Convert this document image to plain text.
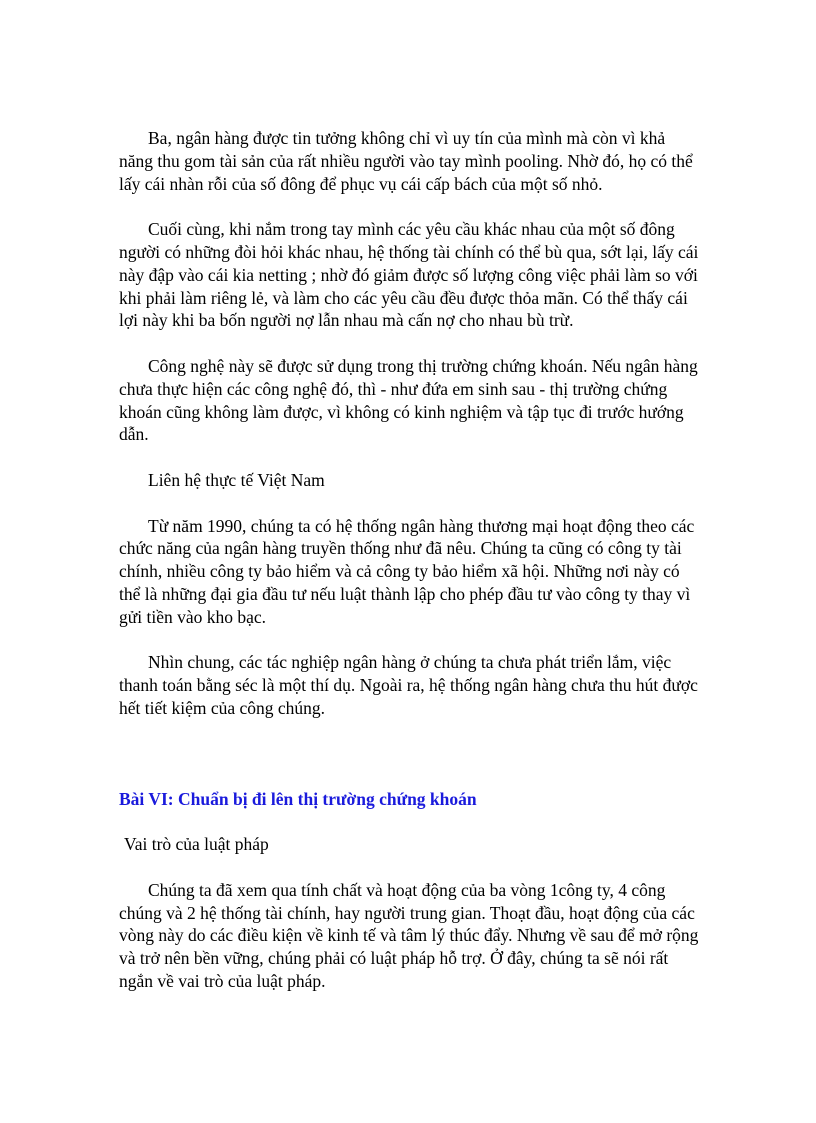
Ba, ngân hàng được tin tưởng không chỉ vì uy tín của mình mà còn vì khả năng thu gom tài sản của rất nhiều người vào tay mình pooling. Nhờ đó, họ có thể lấy cái nhàn rỗi của số đông để phục vụ cái cấp bách của một số nhỏ.

Cuối cùng, khi nắm trong tay mình các yêu cầu khác nhau của một số đông người có những đòi hỏi khác nhau, hệ thống tài chính có thể bù qua, sớt lại, lấy cái này đập vào cái kia netting ; nhờ đó giảm được số lượng công việc phải làm so với khi phải làm riêng lẻ, và làm cho các yêu cầu đều được thỏa mãn. Có thể thấy cái lợi này khi ba bốn người nợ lẫn nhau mà cấn nợ cho nhau bù trừ.

Công nghệ này sẽ được sử dụng trong thị trường chứng khoán. Nếu ngân hàng chưa thực hiện các công nghệ đó, thì - như đứa em sinh sau - thị trường chứng khoán cũng không làm được, vì không có kinh nghiệm và tập tục đi trước hướng dẫn.

Liên hệ thực tế Việt Nam

Từ năm 1990, chúng ta có hệ thống ngân hàng thương mại hoạt động theo các chức năng của ngân hàng truyền thống như đã nêu. Chúng ta cũng có công ty tài chính, nhiều công ty bảo hiểm và cả công ty bảo hiểm xã hội. Những nơi này có thể là những đại gia đầu tư nếu luật thành lập cho phép đầu tư vào công ty thay vì gửi tiền vào kho bạc.

Nhìn chung, các tác nghiệp ngân hàng ở chúng ta chưa phát triển lắm, việc thanh toán bằng séc là một thí dụ. Ngoài ra, hệ thống ngân hàng chưa thu hút được hết tiết kiệm của công chúng.

Bài VI: Chuẩn bị đi lên thị trường chứng khoán

Vai trò của luật pháp

Chúng ta đã xem qua tính chất và hoạt động của ba vòng 1công ty, 4 công chúng và 2 hệ thống tài chính, hay người trung gian. Thoạt đầu, hoạt động của các vòng này do các điều kiện về kinh tế và tâm lý thúc đẩy. Nhưng về sau để mở rộng và trở nên bền vững, chúng phải có luật pháp hỗ trợ. Ở đây, chúng ta sẽ nói rất ngắn về vai trò của luật pháp.
